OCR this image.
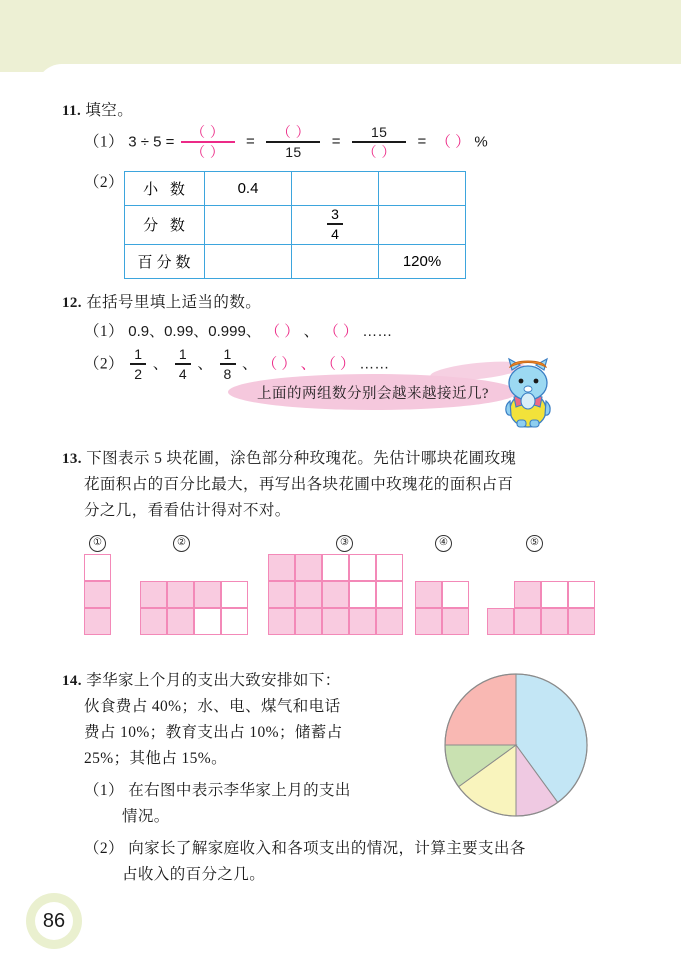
86
11. 填空。
（1） $3 \div 5 = \frac{( )}{( )} = \frac{( )}{15} = \frac{15}{( )}$ = （ ） %
（2） 小 数	0.4		
分 数		$\frac{3}{4}$

百分数			120%
12. 在括号里填上适当的数。
（1） 0.9、0.99、0.999、 （ ） 、 （ ） ……
$(2) \frac{1}{2}$ 、 $\frac{1}{4}$ 、 $\frac{1}{8}$ 、 （ ） 、 （ ） ……
上面的两组数分别会越来越接近几?
13. 下图表示 5 块花圃，涂色部分种玫瑰花。先估计哪块花圃玫瑰
花面积占的百分比最大，再写出各块花圃中玫瑰花的面积占百
分之几，看看估计得对不对。
①	②	③	④	⑤
14. 李华家上个月的支出大致安排如下：
伙食费占 40%；水、电、煤气和电话
费占 10%；教育支出占 10%；储蓄占
25%；其他占 15%。
（1） 在右图中表示李华家上月的支出
情况。
（2） 向家长了解家庭收入和各项支出的情况，计算主要支出各
占收入的百分之几。
